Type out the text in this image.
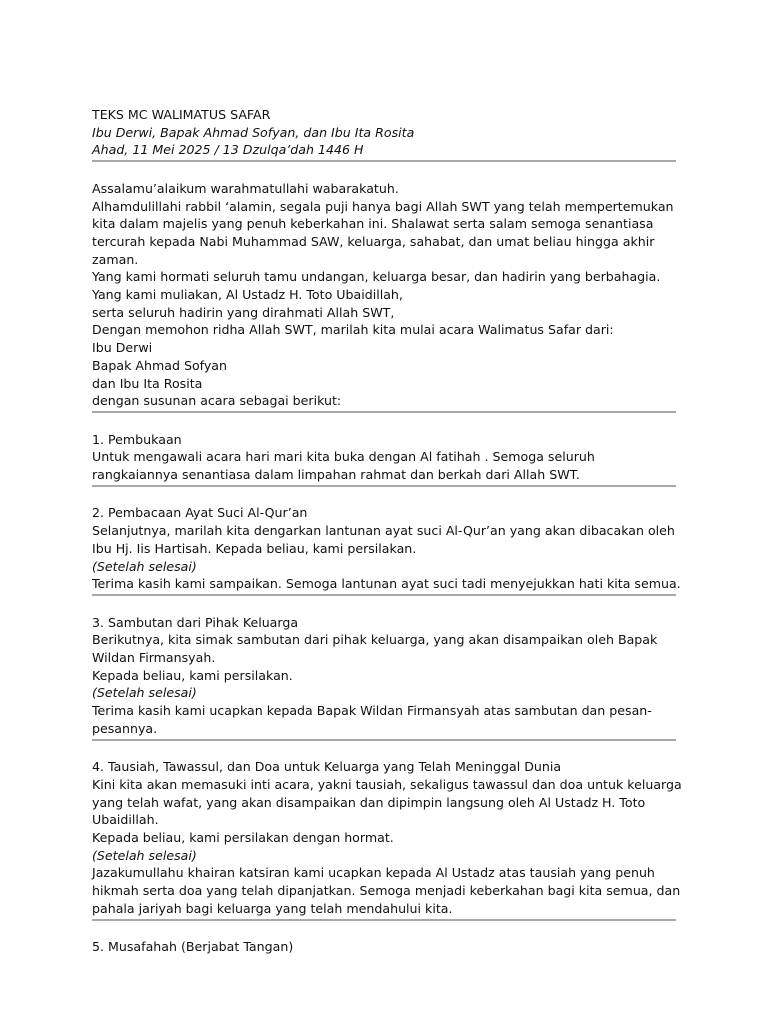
TEKS MC WALIMATUS SAFAR
Ibu Derwi, Bapak Ahmad Sofyan, dan Ibu Ita Rosita
Ahad, 11 Mei 2025 / 13 Dzulqa’dah 1446 H
Assalamu’alaikum warahmatullahi wabarakatuh.
Alhamdulillahi rabbil ‘alamin, segala puji hanya bagi Allah SWT yang telah mempertemukan
kita dalam majelis yang penuh keberkahan ini. Shalawat serta salam semoga senantiasa
tercurah kepada Nabi Muhammad SAW, keluarga, sahabat, dan umat beliau hingga akhir
zaman.
Yang kami hormati seluruh tamu undangan, keluarga besar, dan hadirin yang berbahagia.
Yang kami muliakan, Al Ustadz H. Toto Ubaidillah,
serta seluruh hadirin yang dirahmati Allah SWT,
Dengan memohon ridha Allah SWT, marilah kita mulai acara Walimatus Safar dari:
Ibu Derwi
Bapak Ahmad Sofyan
dan Ibu Ita Rosita
dengan susunan acara sebagai berikut:
1. Pembukaan
Untuk mengawali acara hari mari kita buka dengan Al fatihah . Semoga seluruh
rangkaiannya senantiasa dalam limpahan rahmat dan berkah dari Allah SWT.
2. Pembacaan Ayat Suci Al-Qur’an
Selanjutnya, marilah kita dengarkan lantunan ayat suci Al-Qur’an yang akan dibacakan oleh
Ibu Hj. Iis Hartisah. Kepada beliau, kami persilakan.
(Setelah selesai)
Terima kasih kami sampaikan. Semoga lantunan ayat suci tadi menyejukkan hati kita semua.
3. Sambutan dari Pihak Keluarga
Berikutnya, kita simak sambutan dari pihak keluarga, yang akan disampaikan oleh Bapak
Wildan Firmansyah.
Kepada beliau, kami persilakan.
(Setelah selesai)
Terima kasih kami ucapkan kepada Bapak Wildan Firmansyah atas sambutan dan pesan-
pesannya.
4. Tausiah, Tawassul, dan Doa untuk Keluarga yang Telah Meninggal Dunia
Kini kita akan memasuki inti acara, yakni tausiah, sekaligus tawassul dan doa untuk keluarga
yang telah wafat, yang akan disampaikan dan dipimpin langsung oleh Al Ustadz H. Toto
Ubaidillah.
Kepada beliau, kami persilakan dengan hormat.
(Setelah selesai)
Jazakumullahu khairan katsiran kami ucapkan kepada Al Ustadz atas tausiah yang penuh
hikmah serta doa yang telah dipanjatkan. Semoga menjadi keberkahan bagi kita semua, dan
pahala jariyah bagi keluarga yang telah mendahului kita.
5. Musafahah (Berjabat Tangan)
